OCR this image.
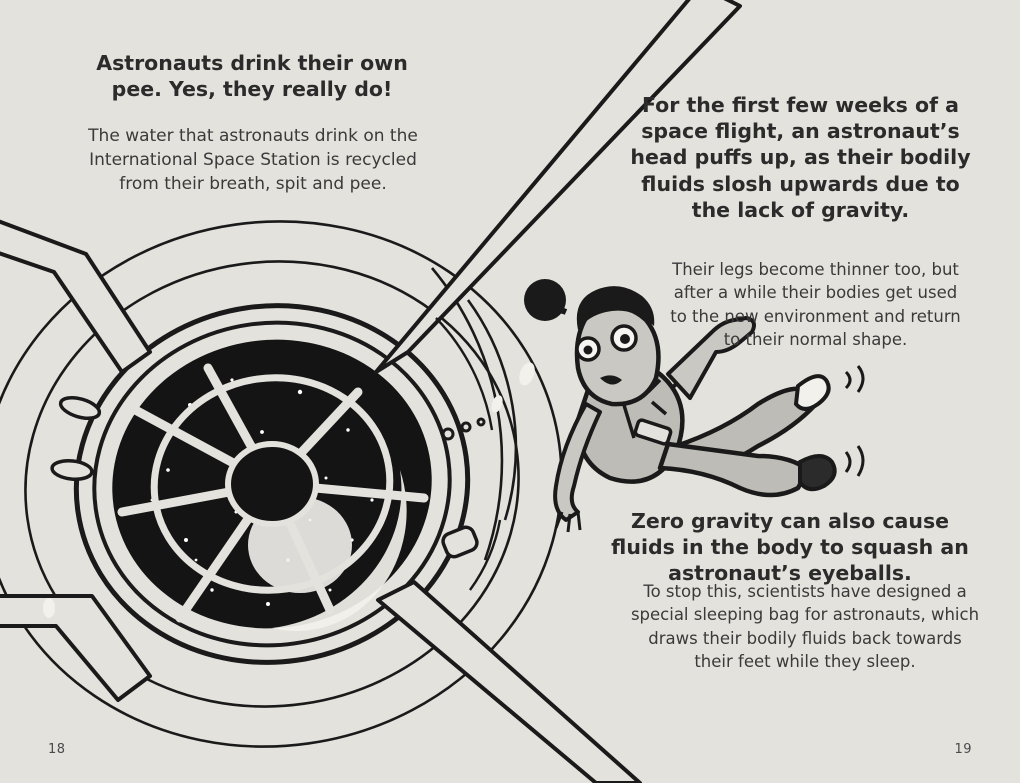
Astronauts drink their own pee. Yes, they really do!
The water that astronauts drink on the International Space Station is recycled from their breath, spit and pee.
For the first few weeks of a space flight, an astronaut’s head puffs up, as their bodily fluids slosh upwards due to the lack of gravity.
Their legs become thinner too, but after a while their bodies get used to the new environment and return to their normal shape.
Zero gravity can also cause fluids in the body to squash an astronaut’s eyeballs.
To stop this, scientists have designed a special sleeping bag for astronauts, which draws their bodily fluids back towards their feet while they sleep.
18	19
